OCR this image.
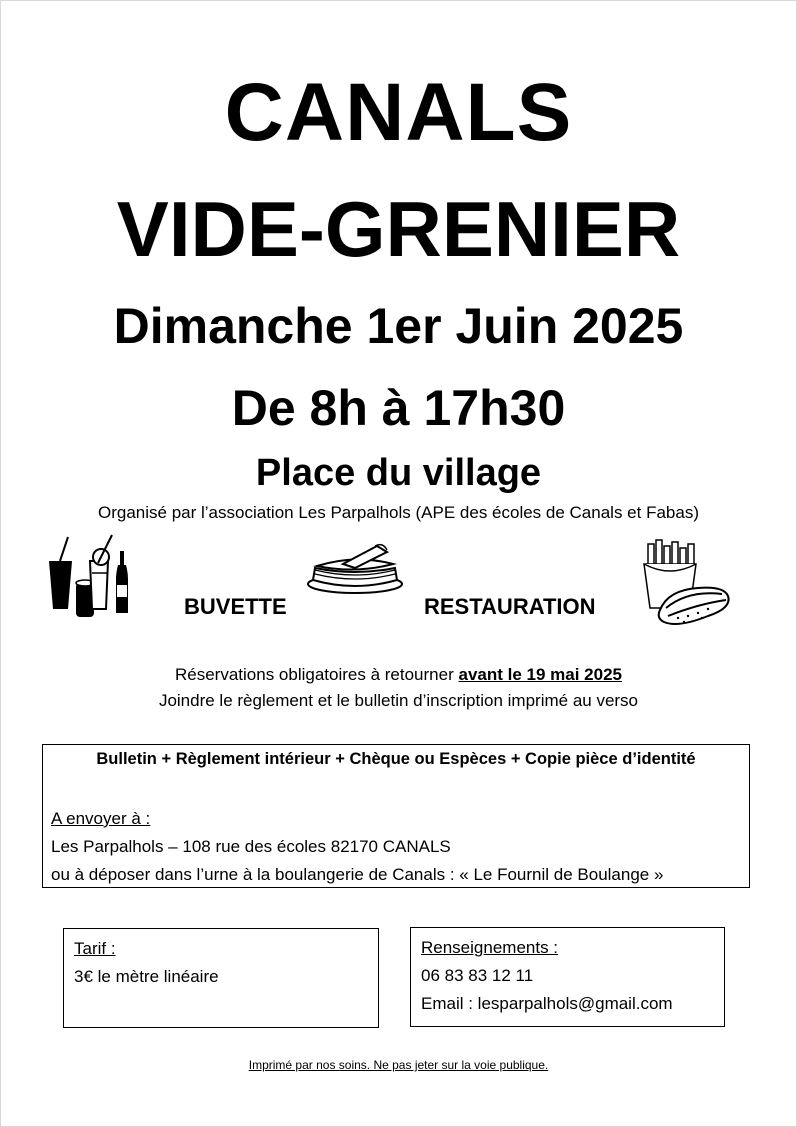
CANALS
VIDE-GRENIER
Dimanche 1er Juin 2025
De 8h à 17h30
Place du village
Organisé par l’association Les Parpalhols (APE des écoles de Canals et Fabas)
BUVETTE	RESTAURATION
Réservations obligatoires à retourner avant le 19 mai 2025
Joindre le règlement et le bulletin d’inscription imprimé au verso
Bulletin + Règlement intérieur + Chèque ou Espèces + Copie pièce d’identité
A envoyer à :
Les Parpalhols – 108 rue des écoles 82170 CANALS
ou à déposer dans l’urne à la boulangerie de Canals : « Le Fournil de Boulange »
Tarif :
3€ le mètre linéaire
Renseignements :
06 83 83 12 11
Email : lesparpalhols@gmail.com
Imprimé par nos soins. Ne pas jeter sur la voie publique.
